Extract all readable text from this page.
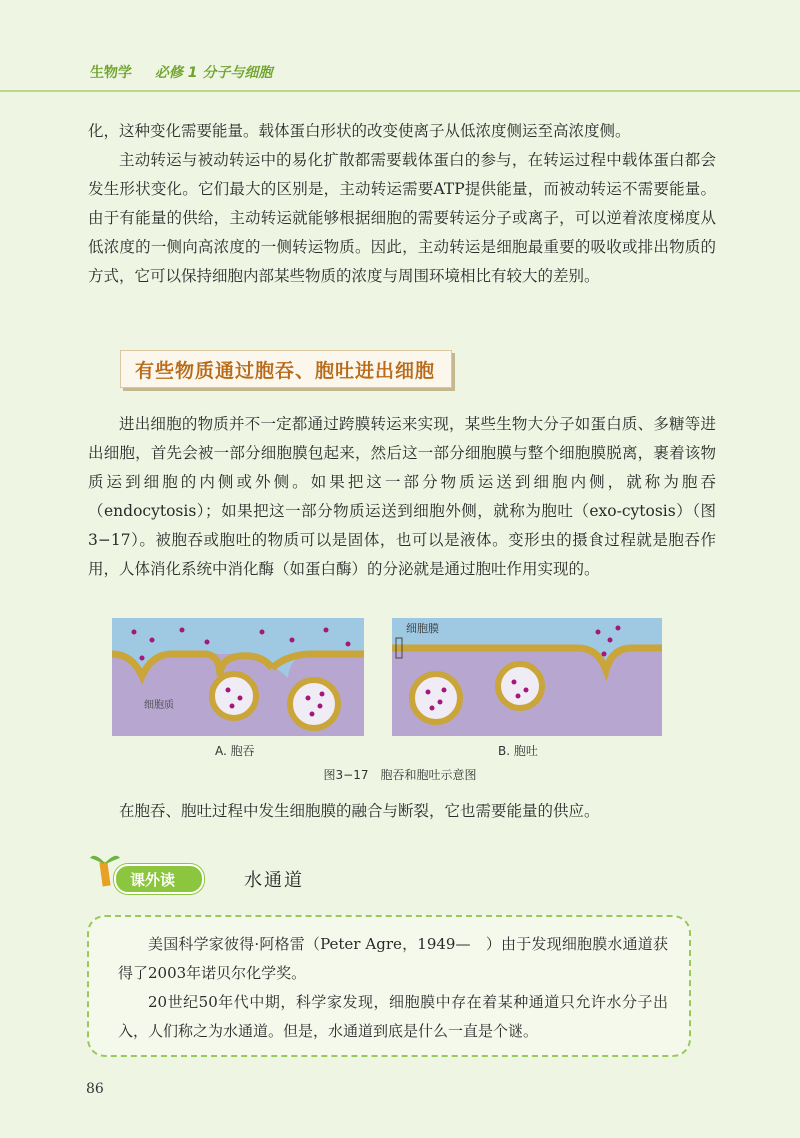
生物学 必修 1 分子与细胞

化，这种变化需要能量。载体蛋白形状的改变使离子从低浓度侧运至高浓度侧。

主动转运与被动转运中的易化扩散都需要载体蛋白的参与，在转运过程中载体蛋白都会发生形状变化。它们最大的区别是，主动转运需要ATP提供能量，而被动转运不需要能量。由于有能量的供给，主动转运就能够根据细胞的需要转运分子或离子，可以逆着浓度梯度从低浓度的一侧向高浓度的一侧转运物质。因此，主动转运是细胞最重要的吸收或排出物质的方式，它可以保持细胞内部某些物质的浓度与周围环境相比有较大的差别。

有些物质通过胞吞、胞吐进出细胞

进出细胞的物质并不一定都通过跨膜转运来实现，某些生物大分子如蛋白质、多糖等进出细胞，首先会被一部分细胞膜包起来，然后这一部分细胞膜与整个细胞膜脱离，裹着该物质运到细胞的内侧或外侧。如果把这一部分物质运送到细胞内侧，就称为胞吞（endocytosis）；如果把这一部分物质运送到细胞外侧，就称为胞吐（exo-cytosis）（图3−17）。被胞吞或胞吐的物质可以是固体，也可以是液体。变形虫的摄食过程就是胞吞作用，人体消化系统中消化酶（如蛋白酶）的分泌就是通过胞吐作用实现的。

细胞质
细胞膜
A. 胞吞	B. 胞吐
图3−17　胞吞和胞吐示意图

在胞吞、胞吐过程中发生细胞膜的融合与断裂，它也需要能量的供应。

课外读	水通道

美国科学家彼得·阿格雷（Peter Agre，1949—　）由于发现细胞膜水通道获得了2003年诺贝尔化学奖。

20世纪50年代中期，科学家发现，细胞膜中存在着某种通道只允许水分子出入，人们称之为水通道。但是，水通道到底是什么一直是个谜。

86
